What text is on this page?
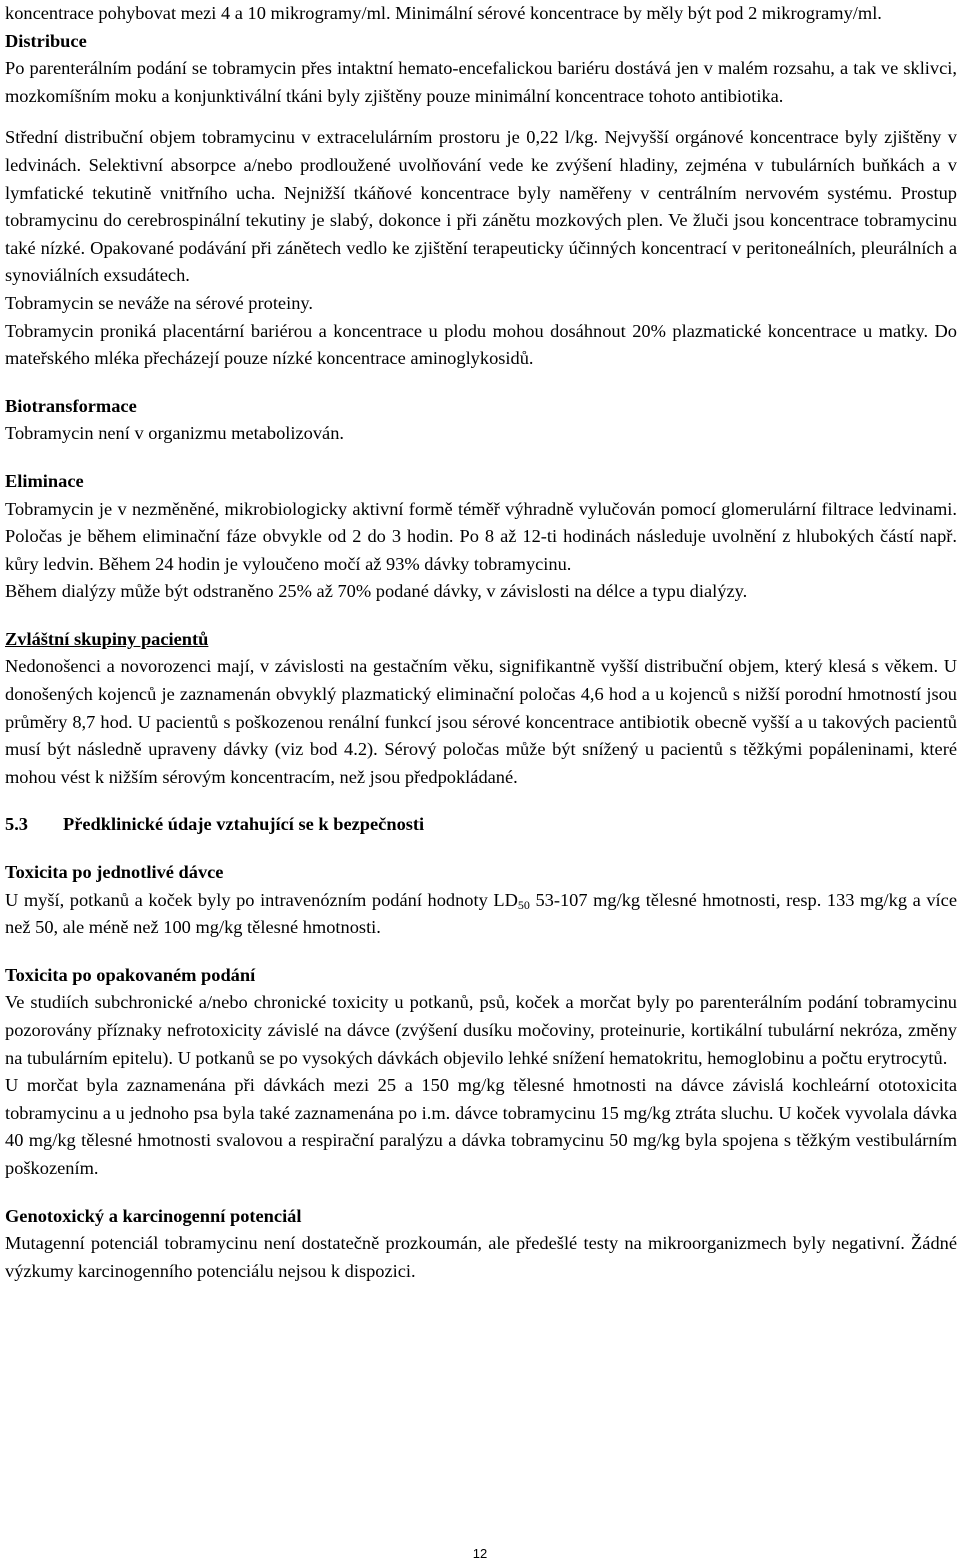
koncentrace pohybovat mezi 4 a 10 mikrogramy/ml. Minimální sérové koncentrace by měly být pod 2 mikrogramy/ml.

Distribuce

Po parenterálním podání se tobramycin přes intaktní hemato-encefalickou bariéru dostává jen v malém rozsahu, a tak ve sklivci, mozkomíšním moku a konjunktivální tkáni byly zjištěny pouze minimální koncentrace tohoto antibiotika.

Střední distribuční objem tobramycinu v extracelulárním prostoru je 0,22 l/kg. Nejvyšší orgánové koncentrace byly zjištěny v ledvinách. Selektivní absorpce a/nebo prodloužené uvolňování vede ke zvýšení hladiny, zejména v tubulárních buňkách a v lymfatické tekutině vnitřního ucha. Nejnižší tkáňové koncentrace byly naměřeny v centrálním nervovém systému. Prostup tobramycinu do cerebrospinální tekutiny je slabý, dokonce i při zánětu mozkových plen. Ve žluči jsou koncentrace tobramycinu také nízké. Opakované podávání při zánětech vedlo ke zjištění terapeuticky účinných koncentrací v peritoneálních, pleurálních a synoviálních exsudátech.

Tobramycin se neváže na sérové proteiny.

Tobramycin proniká placentární bariérou a koncentrace u plodu mohou dosáhnout 20% plazmatické koncentrace u matky. Do mateřského mléka přecházejí pouze nízké koncentrace aminoglykosidů.

Biotransformace

Tobramycin není v organizmu metabolizován.

Eliminace

Tobramycin je v nezměněné, mikrobiologicky aktivní formě téměř výhradně vylučován pomocí glomerulární filtrace ledvinami. Poločas je během eliminační fáze obvykle od 2 do 3 hodin. Po 8 až 12-ti hodinách následuje uvolnění z hlubokých částí např. kůry ledvin. Během 24 hodin je vyloučeno močí až 93% dávky tobramycinu.

Během dialýzy může být odstraněno 25% až 70% podané dávky, v závislosti na délce a typu dialýzy.

Zvláštní skupiny pacientů

Nedonošenci a novorozenci mají, v závislosti na gestačním věku, signifikantně vyšší distribuční objem, který klesá s věkem. U donošených kojenců je zaznamenán obvyklý plazmatický eliminační poločas 4,6 hod a u kojenců s nižší porodní hmotností jsou průměry 8,7 hod. U pacientů s poškozenou renální funkcí jsou sérové koncentrace antibiotik obecně vyšší a u takových pacientů musí být následně upraveny dávky (viz bod 4.2). Sérový poločas může být snížený u pacientů s těžkými popáleninami, které mohou vést k nižším sérovým koncentracím, než jsou předpokládané.

5.3 Předklinické údaje vztahující se k bezpečnosti

Toxicita po jednotlivé dávce

U myší, potkanů a koček byly po intravenózním podání hodnoty $LD_{50}$ 53-107 mg/kg tělesné hmotnosti, resp. 133 mg/kg a více než 50, ale méně než 100 mg/kg tělesné hmotnosti.

Toxicita po opakovaném podání

Ve studiích subchronické a/nebo chronické toxicity u potkanů, psů, koček a morčat byly po parenterálním podání tobramycinu pozorovány příznaky nefrotoxicity závislé na dávce (zvýšení dusíku močoviny, proteinurie, kortikální tubulární nekróza, změny na tubulárním epitelu). U potkanů se po vysokých dávkách objevilo lehké snížení hematokritu, hemoglobinu a počtu erytrocytů.

U morčat byla zaznamenána při dávkách mezi 25 a 150 mg/kg tělesné hmotnosti na dávce závislá kochleární ototoxicita tobramycinu a u jednoho psa byla také zaznamenána po i.m. dávce tobramycinu 15 mg/kg ztráta sluchu. U koček vyvolala dávka 40 mg/kg tělesné hmotnosti svalovou a respirační paralýzu a dávka tobramycinu 50 mg/kg byla spojena s těžkým vestibulárním poškozením.

Genotoxický a karcinogenní potenciál

Mutagenní potenciál tobramycinu není dostatečně prozkoumán, ale předešlé testy na mikroorganizmech byly negativní. Žádné výzkumy karcinogenního potenciálu nejsou k dispozici.

12
